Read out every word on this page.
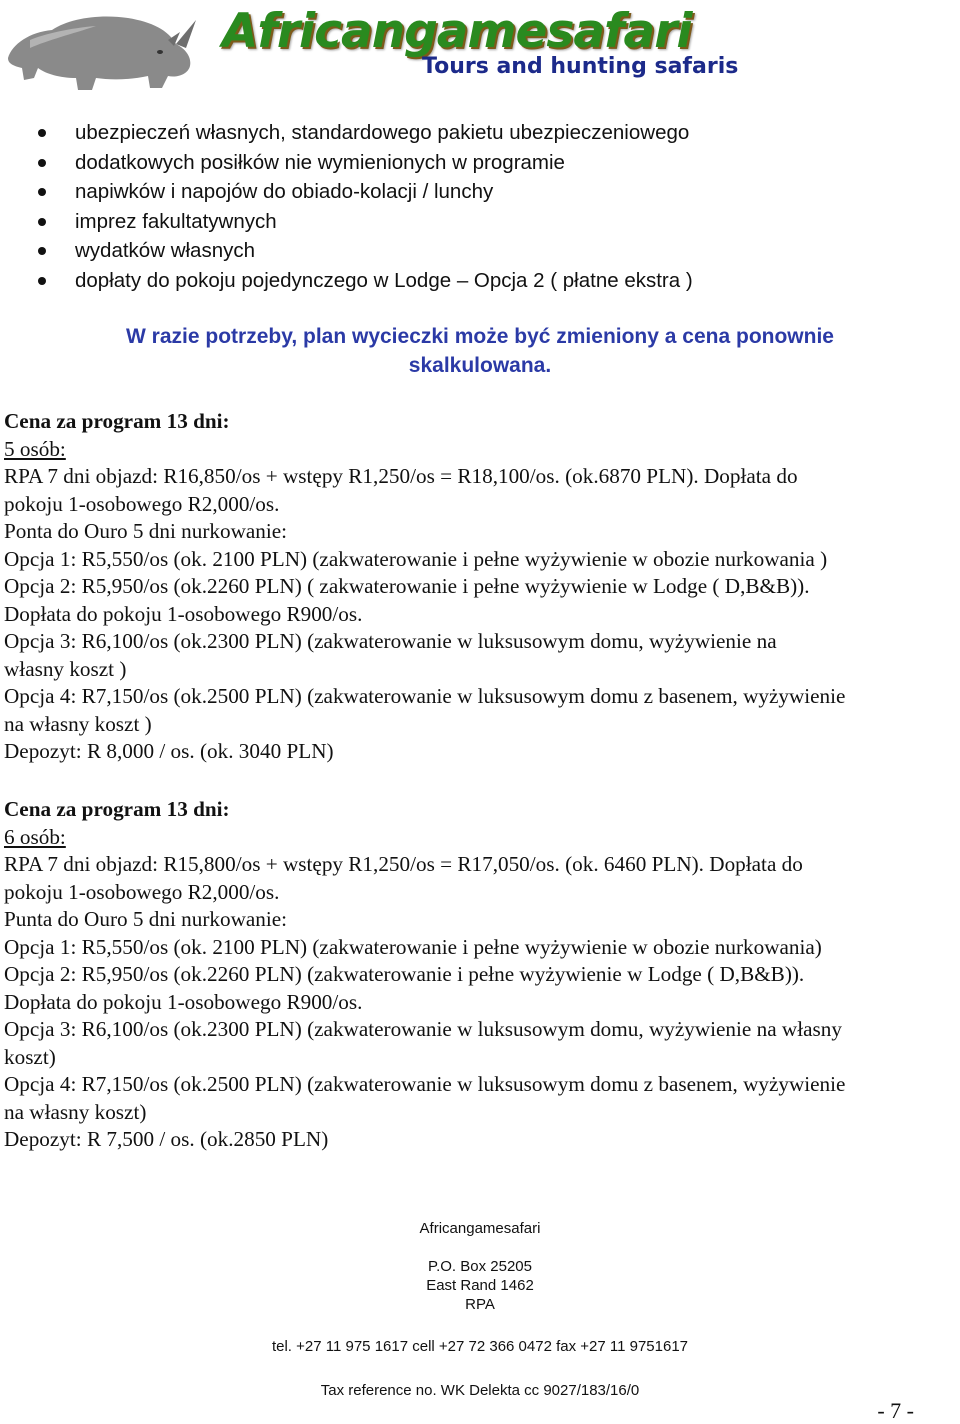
Africangamesafari
Tours and hunting safaris
ubezpieczeń własnych, standardowego pakietu ubezpieczeniowego
dodatkowych posiłków nie wymienionych w programie
napiwków i napojów do obiado-kolacji / lunchy
imprez fakultatywnych
wydatków własnych
dopłaty do pokoju pojedynczego w Lodge – Opcja 2 ( płatne ekstra )
W razie potrzeby, plan wycieczki może być zmieniony a cena ponownie
skalkulowana.
Cena za program 13 dni:
5 osób:
RPA 7 dni objazd: R16,850/os + wstępy R1,250/os = R18,100/os. (ok.6870 PLN). Dopłata do
pokoju 1-osobowego R2,000/os.
Ponta do Ouro 5 dni nurkowanie:
Opcja 1: R5,550/os (ok. 2100 PLN) (zakwaterowanie i pełne wyżywienie w obozie nurkowania )
Opcja 2: R5,950/os (ok.2260 PLN) ( zakwaterowanie i pełne wyżywienie w Lodge ( D,B&B)).
Dopłata do pokoju 1-osobowego R900/os.
Opcja 3: R6,100/os (ok.2300 PLN) (zakwaterowanie w luksusowym domu, wyżywienie na
własny koszt )
Opcja 4: R7,150/os (ok.2500 PLN) (zakwaterowanie w luksusowym domu z basenem, wyżywienie
na własny koszt )
Depozyt: R 8,000 / os. (ok. 3040 PLN)
Cena za program 13 dni:
6 osób:
RPA 7 dni objazd: R15,800/os + wstępy R1,250/os = R17,050/os. (ok. 6460 PLN). Dopłata do
pokoju 1-osobowego R2,000/os.
Punta do Ouro 5 dni nurkowanie:
Opcja 1: R5,550/os (ok. 2100 PLN) (zakwaterowanie i pełne wyżywienie w obozie nurkowania)
Opcja 2: R5,950/os (ok.2260 PLN) (zakwaterowanie i pełne wyżywienie w Lodge ( D,B&B)).
Dopłata do pokoju 1-osobowego R900/os.
Opcja 3: R6,100/os (ok.2300 PLN) (zakwaterowanie w luksusowym domu, wyżywienie na własny
koszt)
Opcja 4: R7,150/os (ok.2500 PLN) (zakwaterowanie w luksusowym domu z basenem, wyżywienie
na własny koszt)
Depozyt: R 7,500 / os. (ok.2850 PLN)
Africangamesafari
P.O. Box 25205
East Rand 1462
RPA
tel. +27 11 975 1617 cell +27 72 366 0472 fax +27 11 9751617
Tax reference no. WK Delekta cc 9027/183/16/0
- 7 -
